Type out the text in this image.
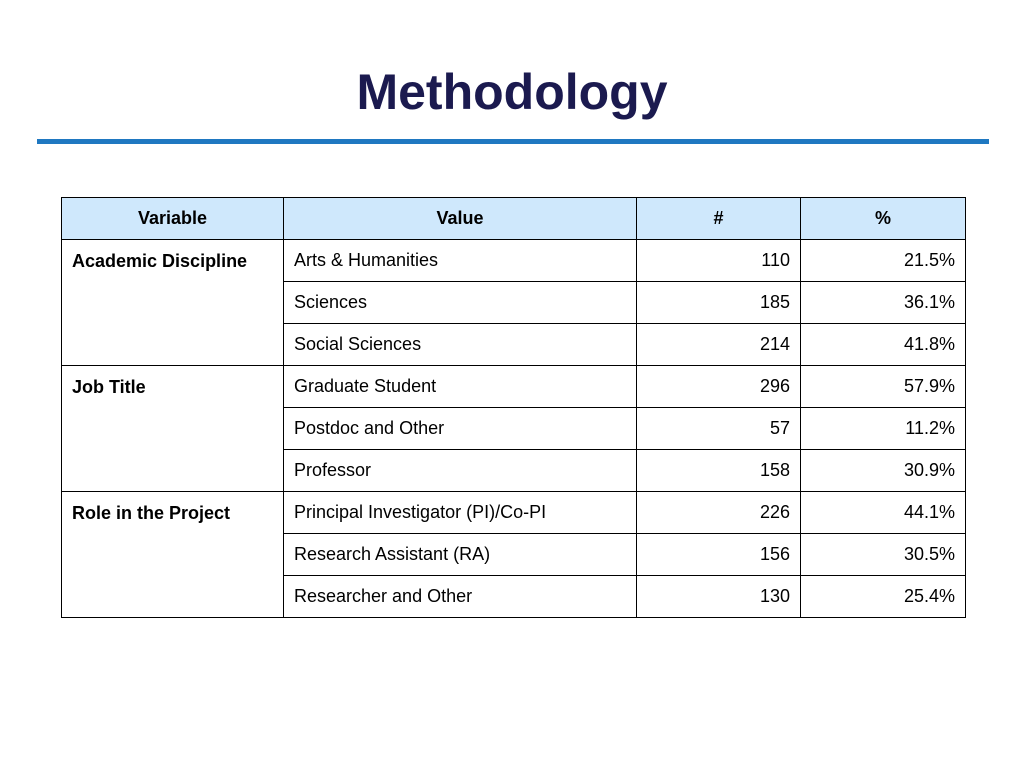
Methodology
Variable	Value	#	%
Academic Discipline	Arts & Humanities	110	21.5%
	Sciences	185	36.1%
	Social Sciences	214	41.8%
Job Title	Graduate Student	296	57.9%
	Postdoc and Other	57	11.2%
	Professor	158	30.9%
Role in the Project	Principal Investigator (PI)/Co-PI	226	44.1%
	Research Assistant (RA)	156	30.5%
	Researcher and Other	130	25.4%
